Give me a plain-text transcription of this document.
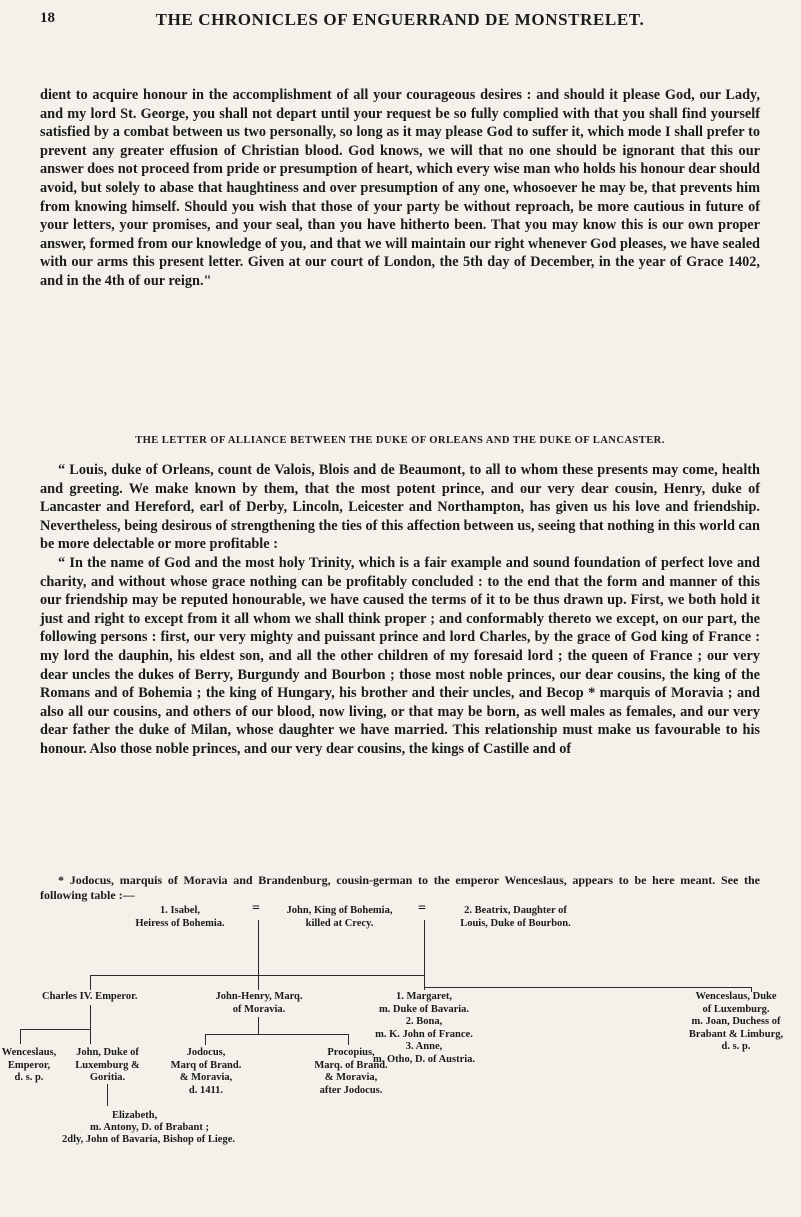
18	THE CHRONICLES OF ENGUERRAND DE MONSTRELET.

dient to acquire honour in the accomplishment of all your courageous desires : and should it please God, our Lady, and my lord St. George, you shall not depart until your request be so fully complied with that you shall find yourself satisfied by a combat between us two personally, so long as it may please God to suffer it, which mode I shall prefer to prevent any greater effusion of Christian blood. God knows, we will that no one should be ignorant that this our answer does not proceed from pride or presumption of heart, which every wise man who holds his honour dear should avoid, but solely to abase that haughtiness and over presumption of any one, whosoever he may be, that prevents him from knowing himself. Should you wish that those of your party be without reproach, be more cautious in future of your letters, your promises, and your seal, than you have hitherto been. That you may know this is our own proper answer, formed from our knowledge of you, and that we will maintain our right whenever God pleases, we have sealed with our arms this present letter. Given at our court of London, the 5th day of December, in the year of Grace 1402, and in the 4th of our reign."

THE LETTER OF ALLIANCE BETWEEN THE DUKE OF ORLEANS AND THE DUKE OF LANCASTER.

“ Louis, duke of Orleans, count de Valois, Blois and de Beaumont, to all to whom these presents may come, health and greeting. We make known by them, that the most potent prince, and our very dear cousin, Henry, duke of Lancaster and Hereford, earl of Derby, Lincoln, Leicester and Northampton, has given us his love and friendship. Nevertheless, being desirous of strengthening the ties of this affection between us, seeing that nothing in this world can be more delectable or more profitable :

“ In the name of God and the most holy Trinity, which is a fair example and sound foundation of perfect love and charity, and without whose grace nothing can be profitably concluded : to the end that the form and manner of this our friendship may be reputed honourable, we have caused the terms of it to be thus drawn up. First, we both hold it just and right to except from it all whom we shall think proper ; and conformably thereto we except, on our part, the following persons : first, our very mighty and puissant prince and lord Charles, by the grace of God king of France : my lord the dauphin, his eldest son, and all the other children of my foresaid lord ; the queen of France ; our very dear uncles the dukes of Berry, Burgundy and Bourbon ; those most noble princes, our dear cousins, the king of the Romans and of Bohemia ; the king of Hungary, his brother and their uncles, and Becop * marquis of Moravia ; and also all our cousins, and others of our blood, now living, or that may be born, as well males as females, and our very dear father the duke of Milan, whose daughter we have married. This relationship must make us favourable to his honour. Also those noble princes, and our very dear cousins, the kings of Castille and of

* Jodocus, marquis of Moravia and Brandenburg, cousin-german to the emperor Wenceslaus, appears to be here meant. See the following table :—

1. Isabel,
Heiress of Bohemia.
=	John, King of Bohemia,
killed at Crecy.
=	2. Beatrix, Daughter of
Louis, Duke of Bourbon.
Charles IV. Emperor.	John-Henry, Marq.
of Moravia.
1. Margaret,
m. Duke of Bavaria.
2. Bona,
m. K. John of France.
3. Anne,
m. Otho, D. of Austria.
Wenceslaus, Duke
of Luxemburg.
m. Joan, Duchess of
Brabant & Limburg,
d. s. p.
Wenceslaus,
Emperor,
d. s. p.
John, Duke of
Luxemburg &
Goritia.
Jodocus,
Marq of Brand.
& Moravia,
d. 1411.
Procopius,
Marq. of Brand.
& Moravia,
after Jodocus.
Elizabeth,
m. Antony, D. of Brabant ;
2dly, John of Bavaria, Bishop of Liege.
